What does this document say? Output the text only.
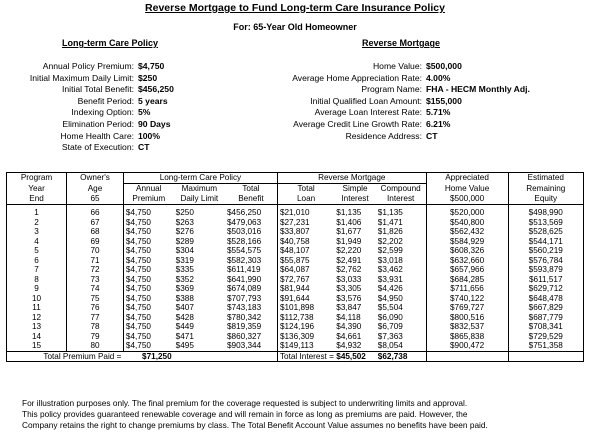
Reverse Mortgage to Fund Long-term Care Insurance Policy
For: 65-Year Old Homeowner
Long-term Care Policy	Reverse Mortgage
Annual Policy Premium: $4,750
Initial Maximum Daily Limit: $250
Initial Total Benefit: $456,250
Benefit Period: 5 years
Indexing Option: 5%
Elimination Period: 90 Days
Home Health Care: 100%
State of Execution: CT
Home Value: $500,000
Average Home Appreciation Rate: 4.00%
Program Name: FHA - HECM Monthly Adj.
Initial Qualified Loan Amount: $155,000
Average Loan Interest Rate: 5.71%
Average Credit Line Growth Rate: 6.21%
Residence Address: CT
Program	Owner's	Long-term Care Policy			Reverse Mortgage			Appreciated	Estimated
Year	Age	Annual	Maximum	Total	Total	Simple	Compound	Home Value	Remaining
End	65	Premium	Daily Limit	Benefit	Loan	Interest	Interest	$500,000	Equity

1	66	$4,750	$250	$456,250	$21,010	$1,135	$1,135	$520,000	$498,990
2	67	$4,750	$263	$479,063	$27,231	$1,406	$1,471	$540,800	$513,569
3	68	$4,750	$276	$503,016	$33,807	$1,677	$1,826	$562,432	$528,625
4	69	$4,750	$289	$528,166	$40,758	$1,949	$2,202	$584,929	$544,171
5	70	$4,750	$304	$554,575	$48,107	$2,220	$2,599	$608,326	$560,219
6	71	$4,750	$319	$582,303	$55,875	$2,491	$3,018	$632,660	$576,784
7	72	$4,750	$335	$611,419	$64,087	$2,762	$3,462	$657,966	$593,879
8	73	$4,750	$352	$641,990	$72,767	$3,033	$3,931	$684,285	$611,517
9	74	$4,750	$369	$674,089	$81,944	$3,305	$4,426	$711,656	$629,712
10	75	$4,750	$388	$707,793	$91,644	$3,576	$4,950	$740,122	$648,478
11	76	$4,750	$407	$743,183	$101,898	$3,847	$5,504	$769,727	$667,829
12	77	$4,750	$428	$780,342	$112,738	$4,118	$6,090	$800,516	$687,779
13	78	$4,750	$449	$819,359	$124,196	$4,390	$6,709	$832,537	$708,341
14	79	$4,750	$471	$860,327	$136,309	$4,661	$7,363	$865,838	$729,529
15	80	$4,750	$495	$903,344	$149,113	$4,932	$8,054	$900,472	$751,358
Total Premium Paid =		$71,250			Total Interest =	$45,502	$62,738		
For illustration purposes only. The final premium for the coverage requested is subject to underwriting limits and approval.
This policy provides guaranteed renewable coverage and will remain in force as long as premiums are paid. However, the
Company retains the right to change premiums by class. The Total Benefit Account Value assumes no benefits have been paid.
